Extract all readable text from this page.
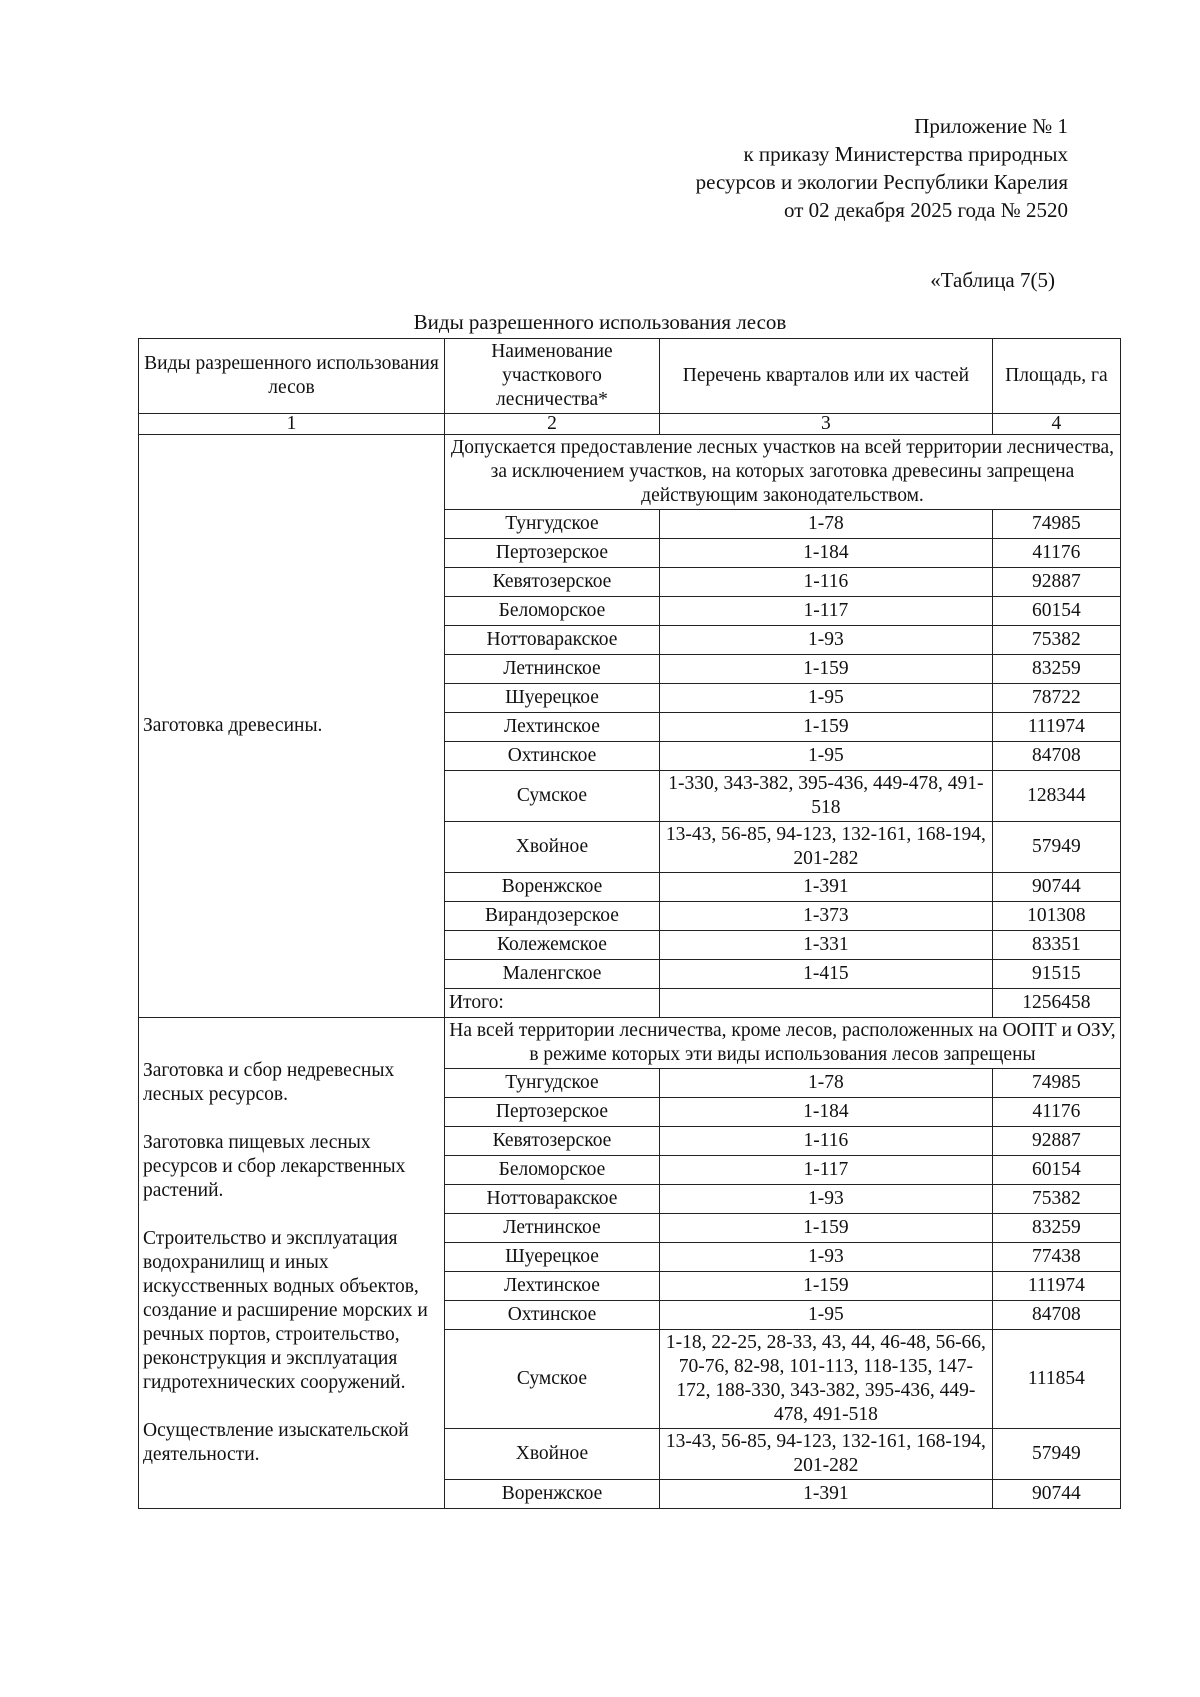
Приложение № 1
к приказу Министерства природных
ресурсов и экологии Республики Карелия
от 02 декабря 2025 года № 2520
«Таблица 7(5)
Виды разрешенного использования лесов
Виды разрешенного использования лесов	Наименование участкового лесничества*	Перечень кварталов или их частей	Площадь, га
1	2	3	4

Заготовка древесины.	Допускается предоставление лесных участков на всей территории лесничества, за исключением участков, на которых заготовка древесины запрещена действующим законодательством.		
	Тунгудское	1-78	74985
	Пертозерское	1-184	41176
	Кевятозерское	1-116	92887
	Беломорское	1-117	60154
	Ноттоваракское	1-93	75382
	Летнинское	1-159	83259
	Шуерецкое	1-95	78722
	Лехтинское	1-159	111974
	Охтинское	1-95	84708
	Сумское	1-330, 343-382, 395-436, 449-478, 491-518	128344
	Хвойное	13-43, 56-85, 94-123, 132-161, 168-194, 201-282	57949
	Воренжское	1-391	90744
	Вирандозерское	1-373	101308
	Колежемское	1-331	83351
	Маленгское	1-415	91515
	Итого:		1256458

Заготовка и сбор недревесных лесных ресурсов.

Заготовка пищевых лесных ресурсов и сбор лекарственных растений.

Строительство и эксплуатация водохранилищ и иных искусственных водных объектов, создание и расширение морских и речных портов, строительство, реконструкция и эксплуатация гидротехнических сооружений.

Осуществление изыскательской деятельности.	На всей территории лесничества, кроме лесов, расположенных на ООПТ и ОЗУ, в режиме которых эти виды использования лесов запрещены		
	Тунгудское	1-78	74985
	Пертозерское	1-184	41176
	Кевятозерское	1-116	92887
	Беломорское	1-117	60154
	Ноттоваракское	1-93	75382
	Летнинское	1-159	83259
	Шуерецкое	1-93	77438
	Лехтинское	1-159	111974
	Охтинское	1-95	84708
	Сумское	1-18, 22-25, 28-33, 43, 44, 46-48, 56-66, 70-76, 82-98, 101-113, 118-135, 147-172, 188-330, 343-382, 395-436, 449-478, 491-518	111854
	Хвойное	13-43, 56-85, 94-123, 132-161, 168-194, 201-282	57949
	Воренжское	1-391	90744
